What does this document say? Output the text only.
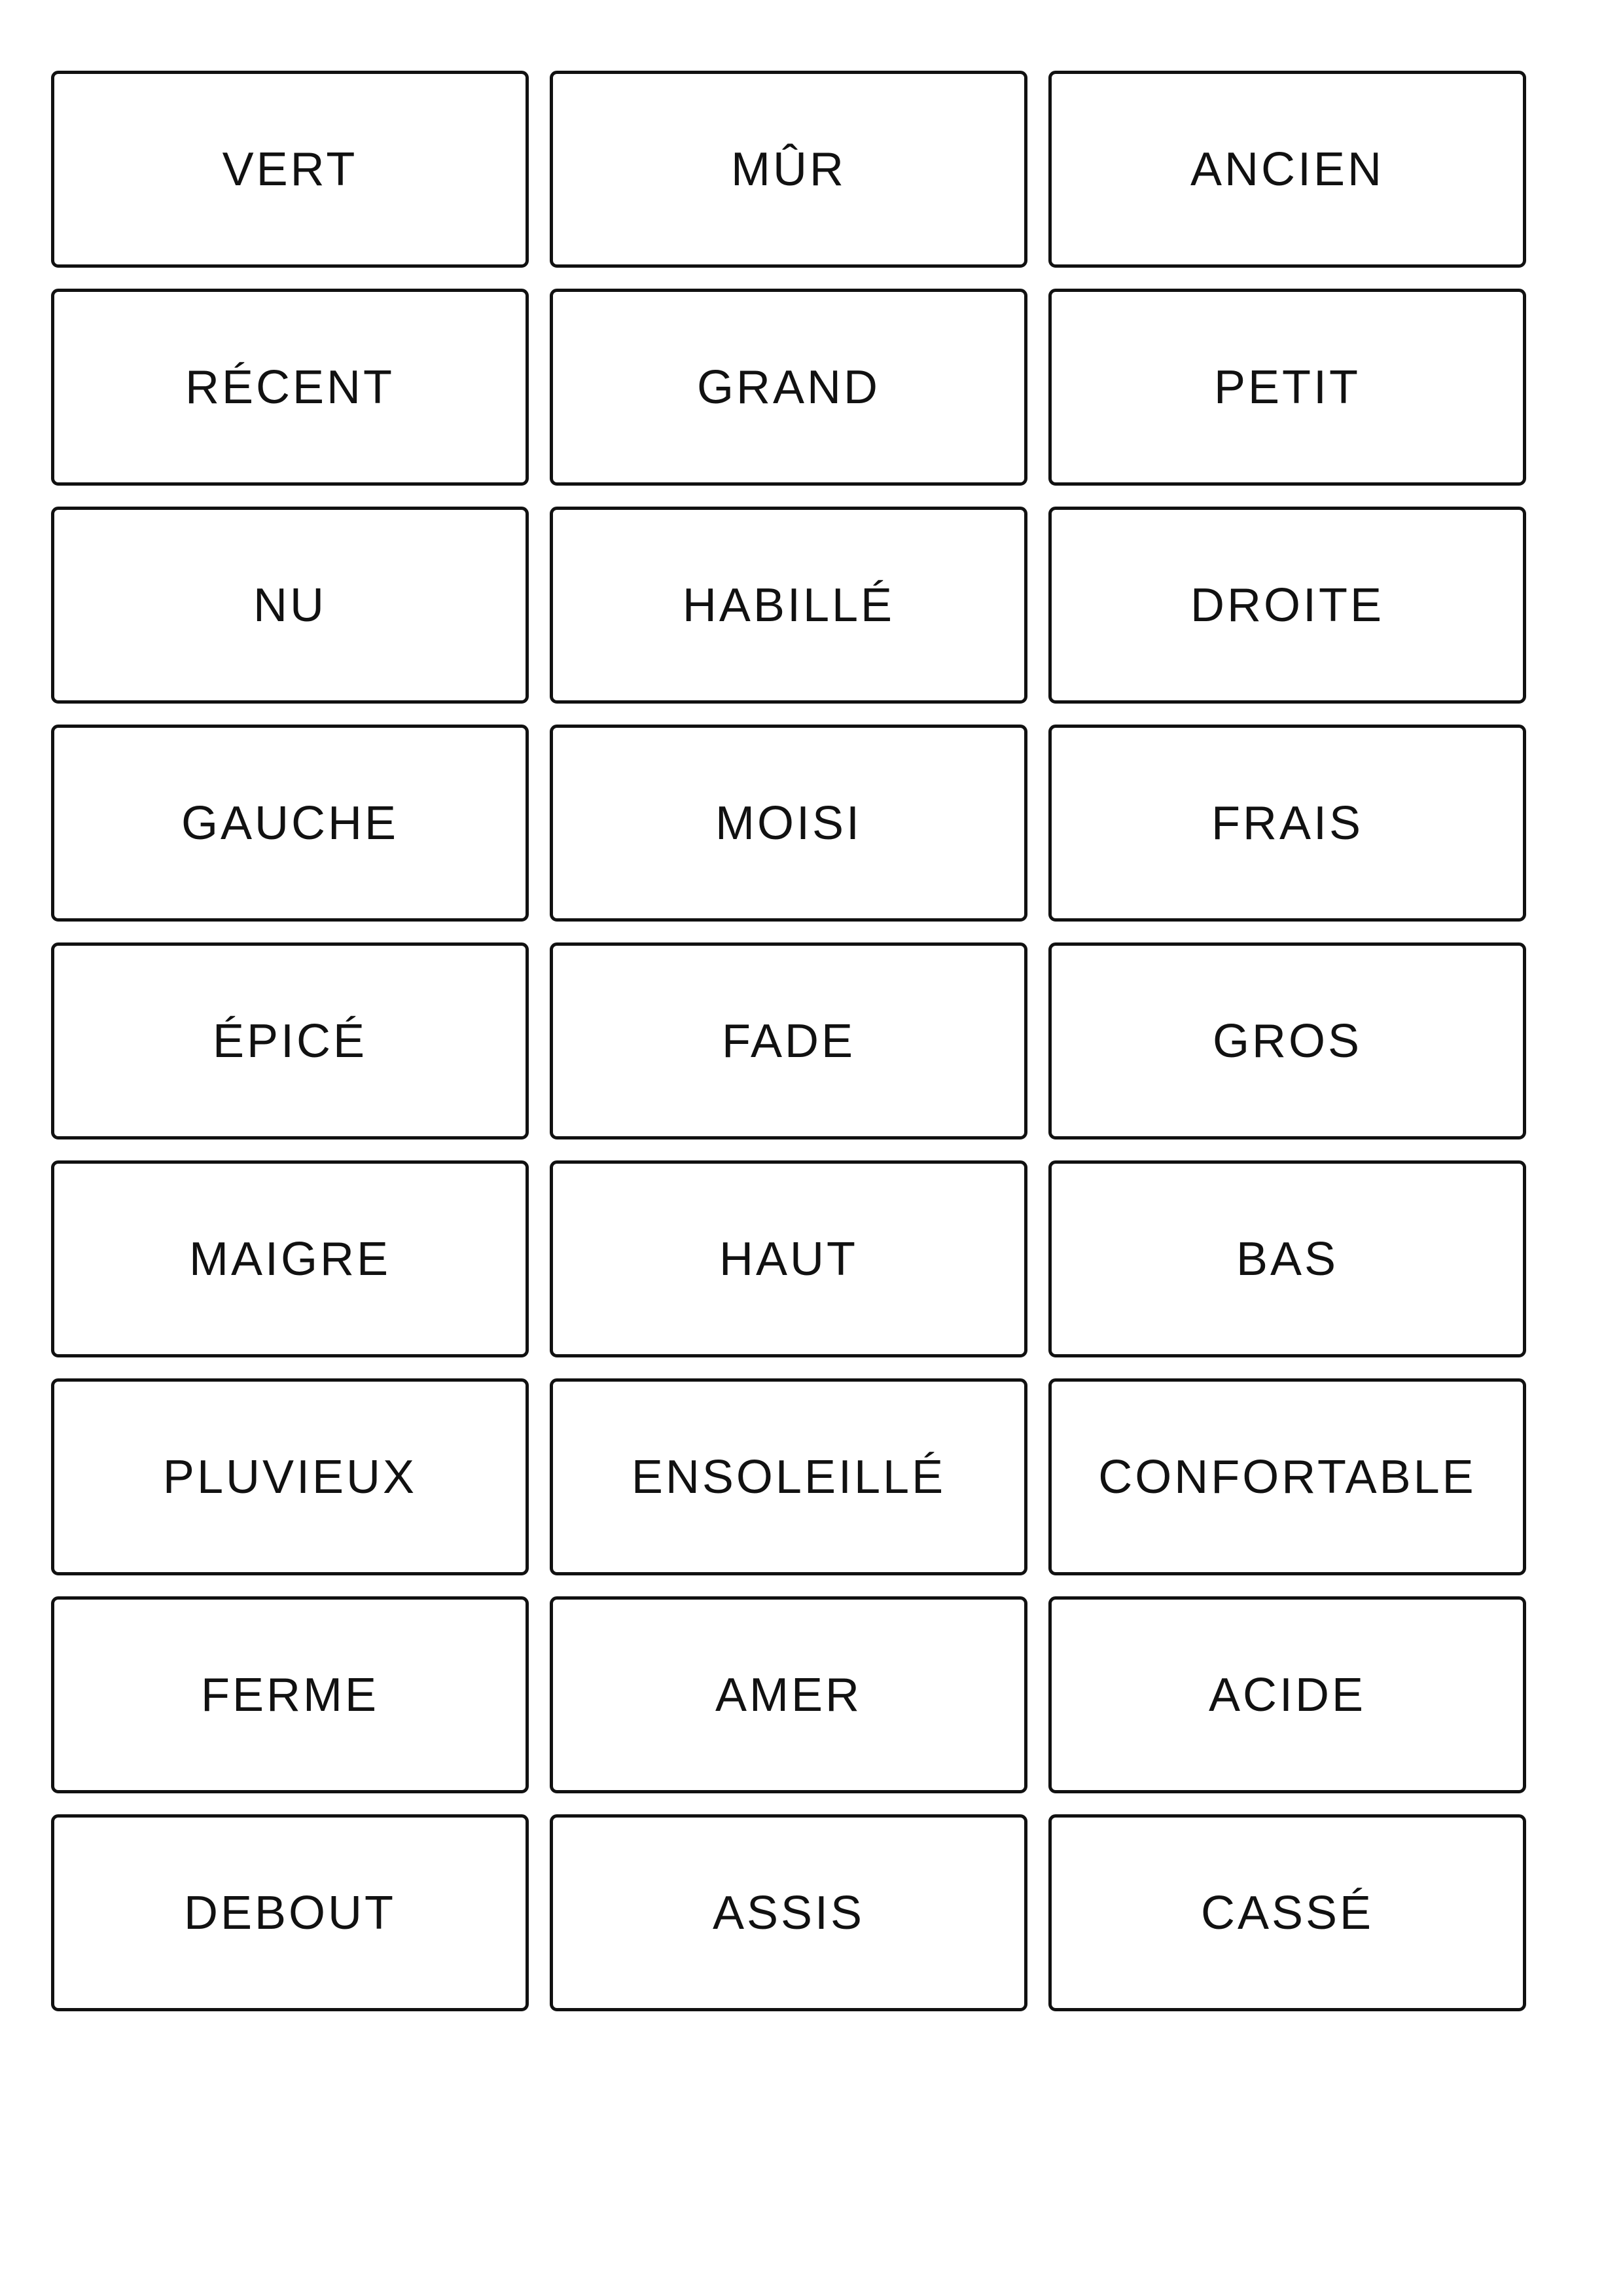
VERT	MÛR	ANCIEN
RÉCENT	GRAND	PETIT
NU	HABILLÉ	DROITE
GAUCHE	MOISI	FRAIS
ÉPICÉ	FADE	GROS
MAIGRE	HAUT	BAS
PLUVIEUX	ENSOLEILLÉ	CONFORTABLE
FERME	AMER	ACIDE
DEBOUT	ASSIS	CASSÉ
